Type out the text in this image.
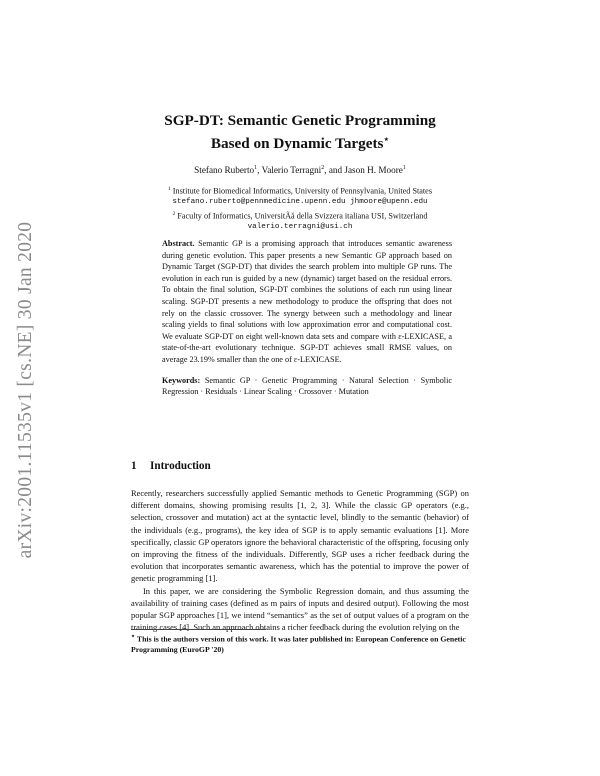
arXiv:2001.11535v1 [cs.NE] 30 Jan 2020
SGP-DT: Semantic Genetic Programming
Based on Dynamic Targets⋆
Stefano Ruberto$^1$, Valerio Terragni$^2$, and Jason H. Moore$^1$
$^1$ Institute for Biomedical Informatics, University of Pennsylvania, United States
stefano.ruberto@pennmedicine.upenn.edu jhmoore@upenn.edu
$^2$ Faculty of Informatics, UniversitÃă della Svizzera italiana USI, Switzerland
valerio.terragni@usi.ch

Abstract. Semantic GP is a promising approach that introduces semantic awareness during genetic evolution. This paper presents a new Semantic GP approach based on Dynamic Target (SGP-DT) that divides the search problem into multiple GP runs. The evolution in each run is guided by a new (dynamic) target based on the residual errors. To obtain the final solution, SGP-DT combines the solutions of each run using linear scaling. SGP-DT presents a new methodology to produce the offspring that does not rely on the classic crossover. The synergy between such a methodology and linear scaling yields to final solutions with low approximation error and computational cost. We evaluate SGP-DT on eight well-known data sets and compare with ε-LEXICASE, a state-of-the-art evolutionary technique. SGP-DT achieves small RMSE values, on average 23.19% smaller than the one of ε-LEXICASE.

Keywords: Semantic GP · Genetic Programming · Natural Selection · Symbolic Regression · Residuals · Linear Scaling · Crossover · Mutation

1 Introduction

Recently, researchers successfully applied Semantic methods to Genetic Programming (SGP) on different domains, showing promising results [1, 2, 3]. While the classic GP operators (e.g., selection, crossover and mutation) act at the syntactic level, blindly to the semantic (behavior) of the individuals (e.g., programs), the key idea of SGP is to apply semantic evaluations [1]. More specifically, classic GP operators ignore the behavioral characteristic of the offspring, focusing only on improving the fitness of the individuals. Differently, SGP uses a richer feedback during the evolution that incorporates semantic awareness, which has the potential to improve the power of genetic programming [1].

In this paper, we are considering the Symbolic Regression domain, and thus assuming the availability of training cases (defined as m pairs of inputs and desired output). Following the most popular SGP approaches [1], we intend “semantics” as the set of output values of a program on the training cases [4]. Such an approach obtains a richer feedback during the evolution relying on the

⋆ This is the authors version of this work. It was later published in: European Conference on Genetic Programming (EuroGP '20)
